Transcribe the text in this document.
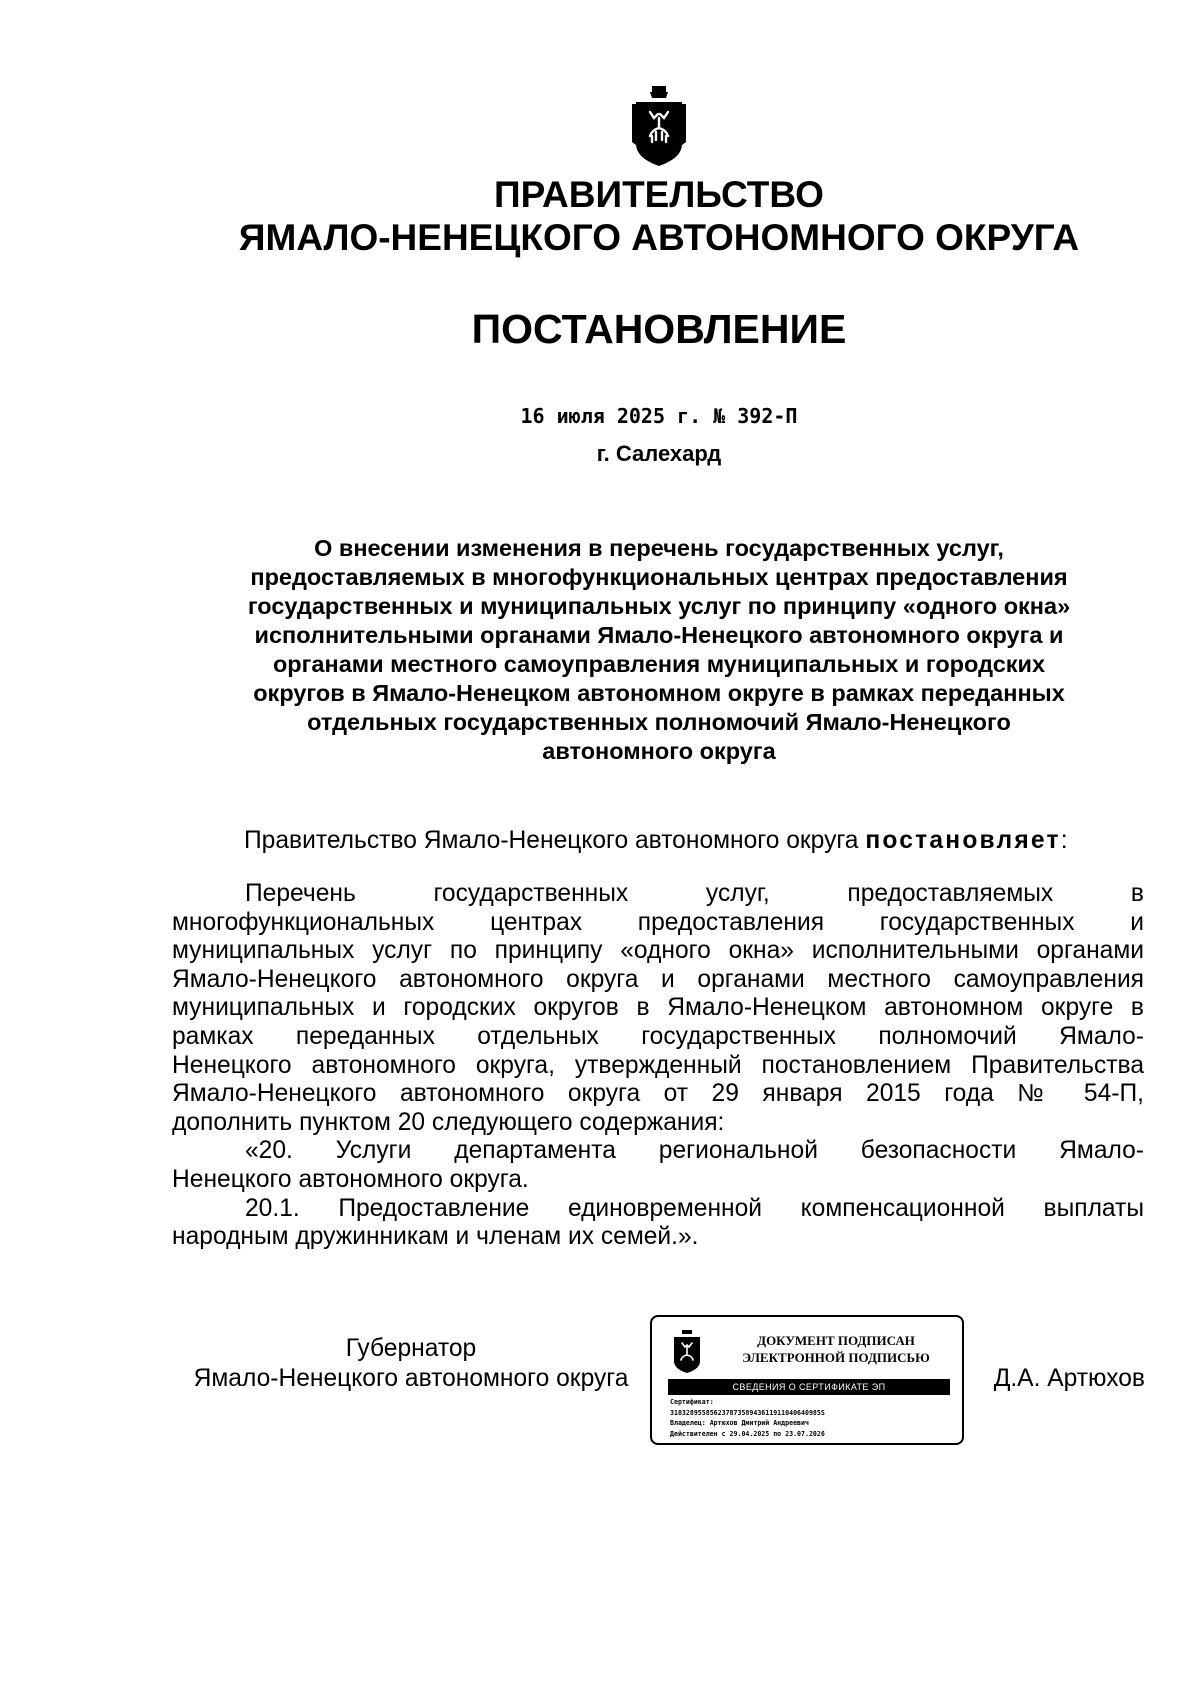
ПРАВИТЕЛЬСТВО
ЯМАЛО-НЕНЕЦКОГО АВТОНОМНОГО ОКРУГА
ПОСТАНОВЛЕНИЕ
16 июля 2025 г. № 392-П
г. Салехард
О внесении изменения в перечень государственных услуг,
предоставляемых в многофункциональных центрах предоставления
государственных и муниципальных услуг по принципу «одного окна»
исполнительными органами Ямало-Ненецкого автономного округа и
органами местного самоуправления муниципальных и городских
округов в Ямало-Ненецком автономном округе в рамках переданных
отдельных государственных полномочий Ямало-Ненецкого
автономного округа
Правительство Ямало-Ненецкого автономного округа постановляет:
Перечень государственных услуг, предоставляемых в
многофункциональных центрах предоставления государственных и
муниципальных услуг по принципу «одного окна» исполнительными органами
Ямало-Ненецкого автономного округа и органами местного самоуправления
муниципальных и городских округов в Ямало-Ненецком автономном округе в
рамках переданных отдельных государственных полномочий Ямало-
Ненецкого автономного округа, утвержденный постановлением Правительства
Ямало-Ненецкого автономного округа от 29 января 2015 года № 54-П,
дополнить пунктом 20 следующего содержания:
«20. Услуги департамента региональной безопасности Ямало-
Ненецкого автономного округа.
20.1. Предоставление единовременной компенсационной выплаты
народным дружинникам и членам их семей.».
Губернатор
Ямало-Ненецкого автономного округа
ДОКУМЕНТ ПОДПИСАН
ЭЛЕКТРОННОЙ ПОДПИСЬЮ
СВЕДЕНИЯ О СЕРТИФИКАТЕ ЭП
Сертификат:
31032895585623787358943611911040640985S
Владелец: Артюхов Дмитрий Андреевич
Действителен с 29.04.2025 по 23.07.2026
Д.А. Артюхов
